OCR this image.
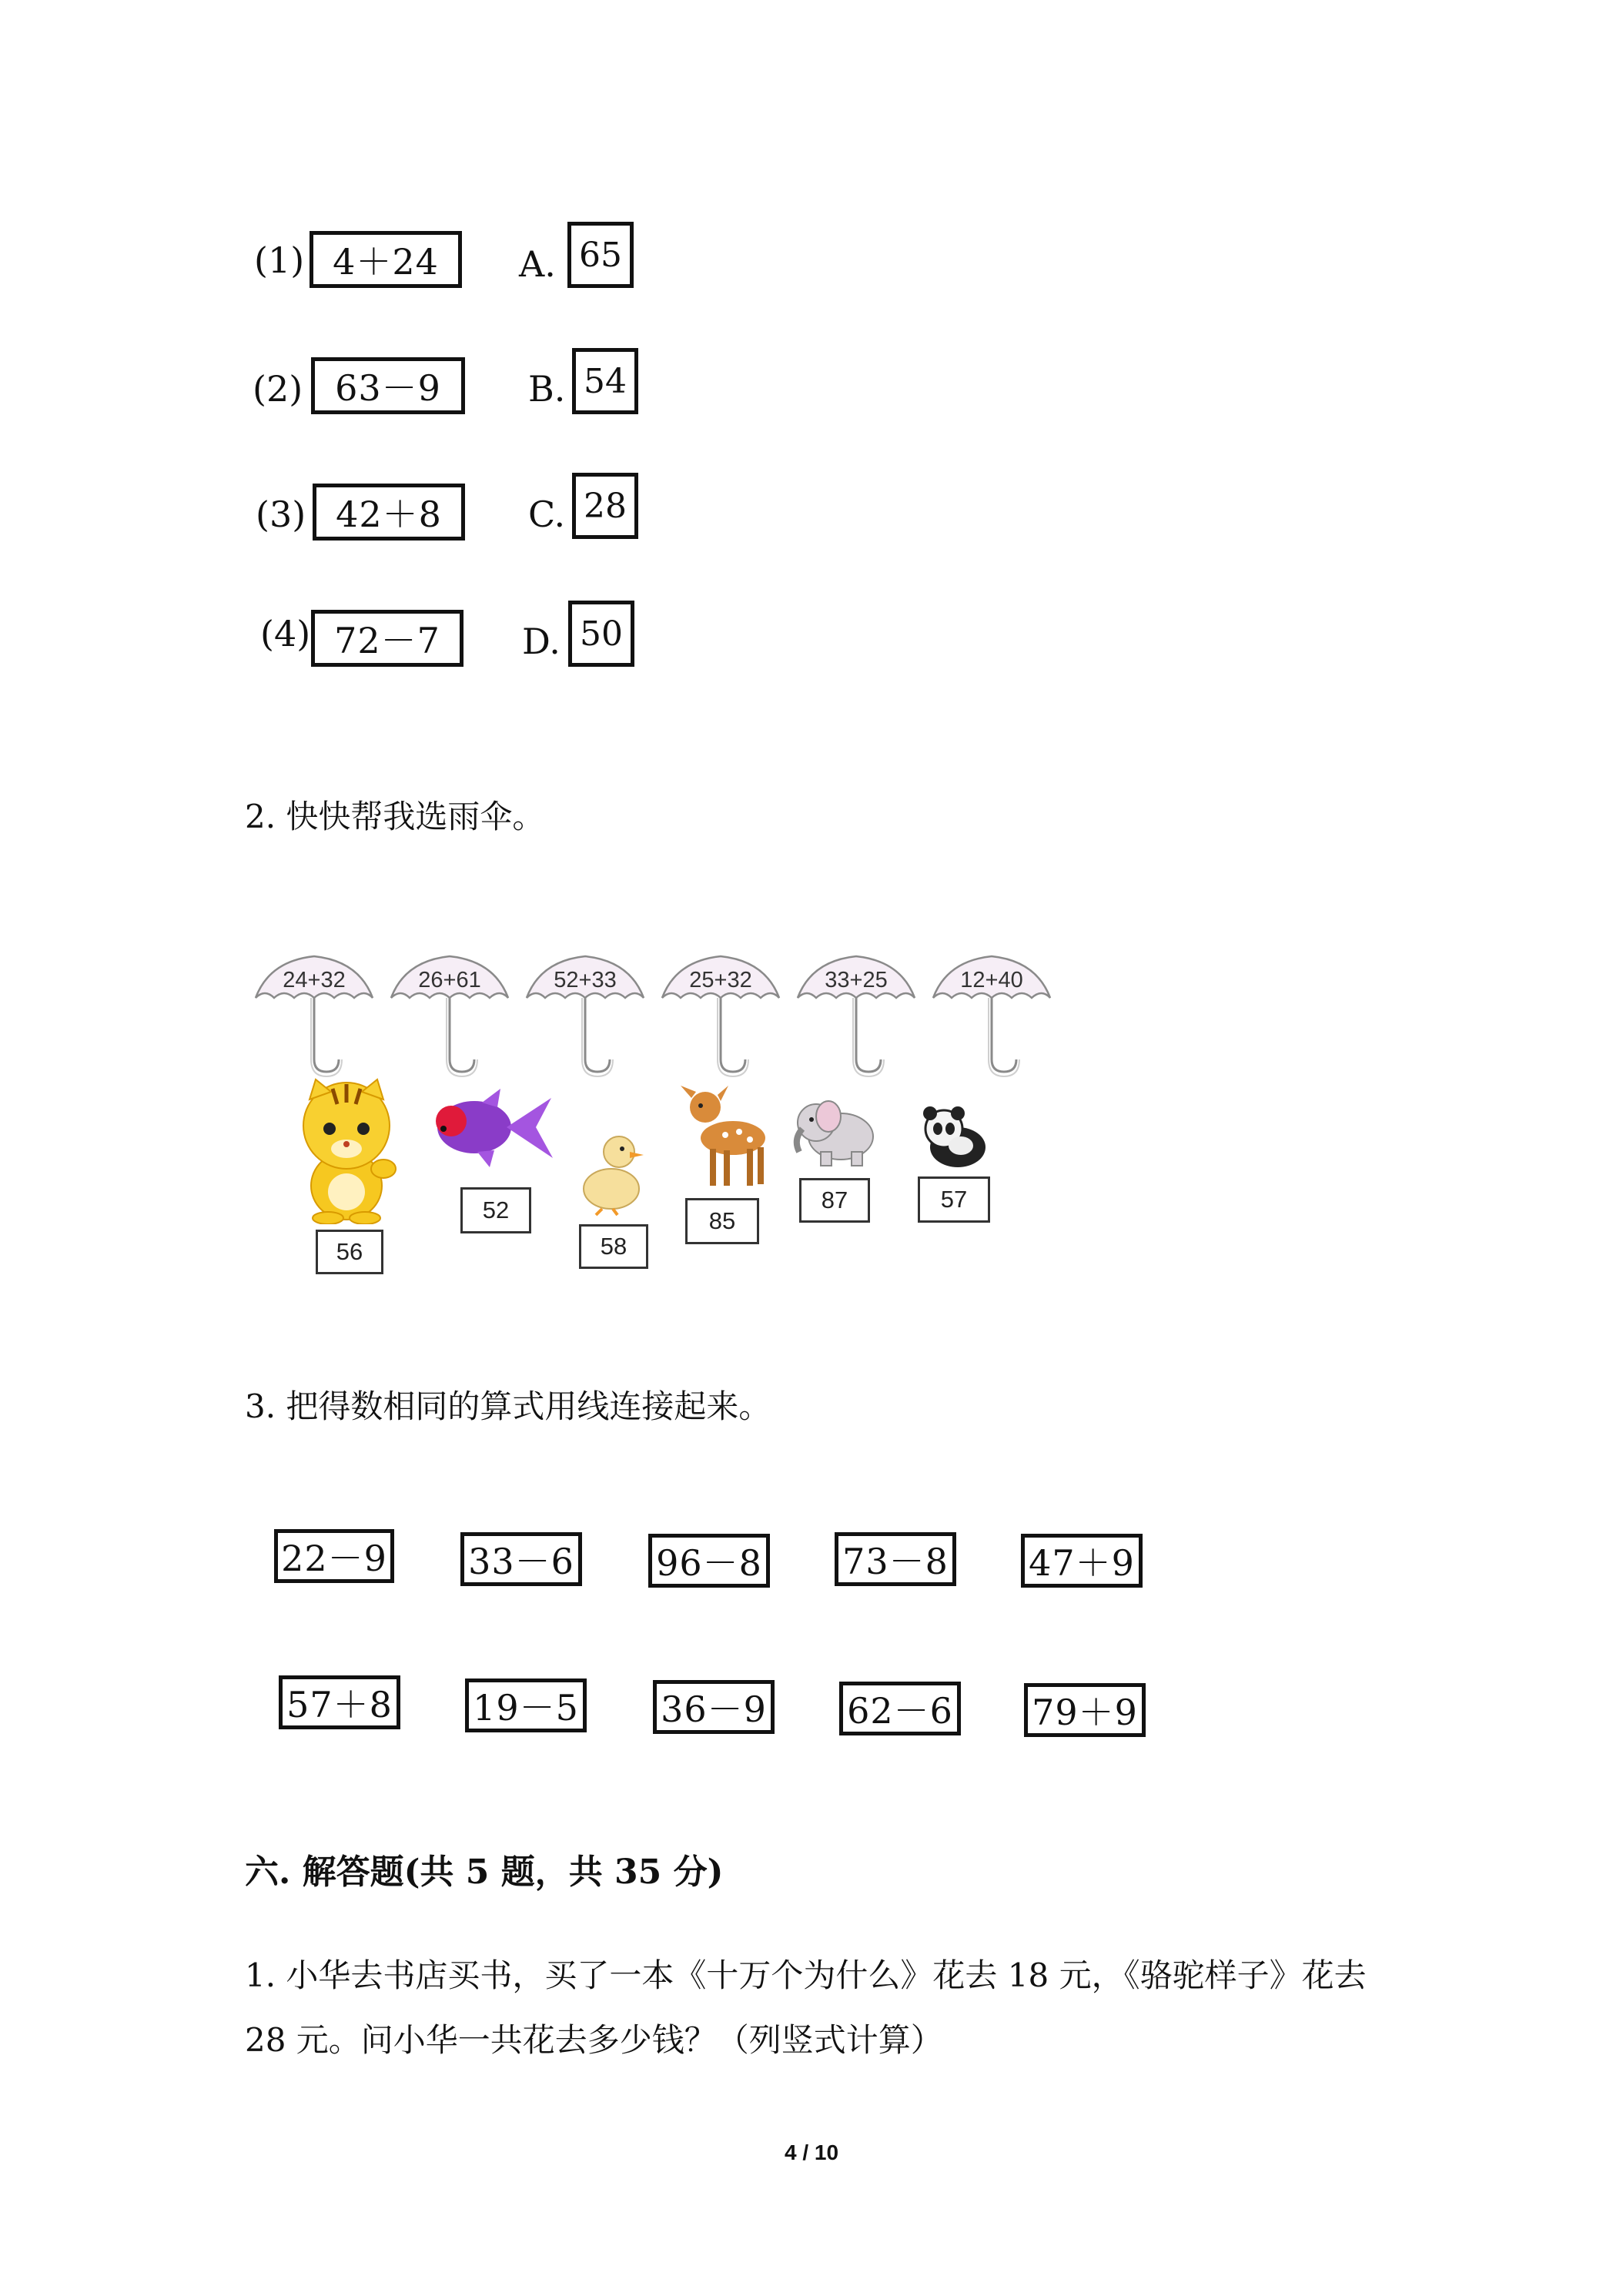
(1) 4＋24	A. 65
(2) 63－9	B. 54
(3) 42＋8	C. 28
(4) 72－7	D. 50
2. 快快帮我选雨伞。
24+32	26+61	52+33	25+32	33+25	12+40
56
52
58
85
87	57
3. 把得数相同的算式用线连接起来。
22－9 33－6 96－8 73－8 47＋9
57＋8 19－5 36－9 62－6 79＋9
六. 解答题(共 5 题，共 35 分)
1. 小华去书店买书，买了一本《十万个为什么》花去 18 元，《骆驼样子》花去
28 元。问小华一共花去多少钱？（列竖式计算）
4 / 10
